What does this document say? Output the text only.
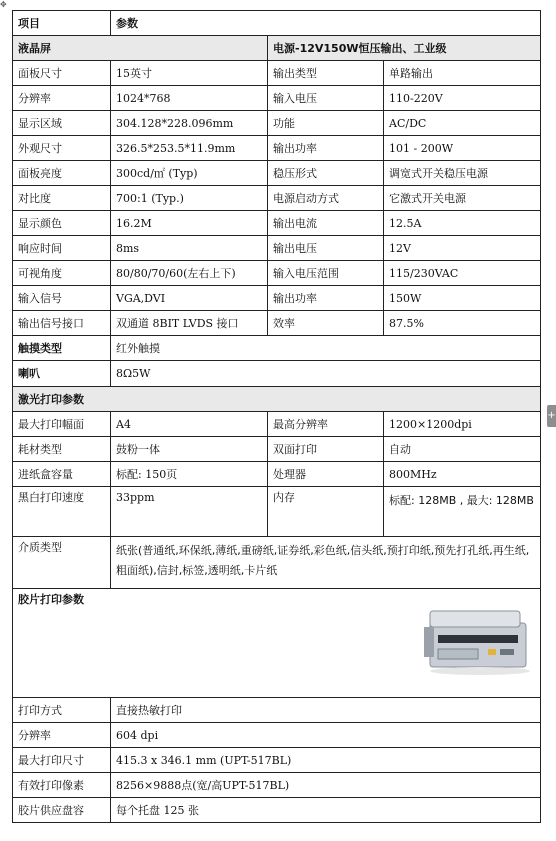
✥
项目	参数		
液晶屏		电源-12V150W恒压输出、工业级	
面板尺寸	15英寸	输出类型	单路输出
分辨率	1024*768	输入电压	110-220V
显示区域	304.128*228.096mm	功能	AC/DC
外观尺寸	326.5*253.5*11.9mm	输出功率	101 - 200W
面板亮度	300cd/㎡ (Typ)	稳压形式	调宽式开关稳压电源
对比度	700:1 (Typ.)	电源启动方式	它激式开关电源
显示颜色	16.2M	输出电流	12.5A
响应时间	8ms	输出电压	12V
可视角度	80/80/70/60(左右上下)	输入电压范围	115/230VAC
输入信号	VGA,DVI	输出功率	150W
输出信号接口	双通道 8BIT LVDS 接口	效率	87.5%
触摸类型	红外触摸		
喇叭	8Ω5W		
激光打印参数			
最大打印幅面	A4	最高分辨率	1200×1200dpi
耗材类型	鼓粉一体	双面打印	自动
进纸盒容量	标配: 150页	处理器	800MHz
黑白打印速度	33ppm	内存	标配: 128MB , 最大: 128MB
介质类型	纸张(普通纸,环保纸,薄纸,重磅纸,证券纸,彩色纸,信头纸,预打印纸,预先打孔纸,再生纸,粗面纸),信封,标签,透明纸,卡片纸		
胶片打印参数			

打印方式	直接热敏打印		
分辨率	604 dpi		
最大打印尺寸	415.3 x 346.1 mm (UPT-517BL)		
有效打印像素	8256×9888点(宽/高UPT-517BL)		
胶片供应盘容	每个托盘 125 张		
+
